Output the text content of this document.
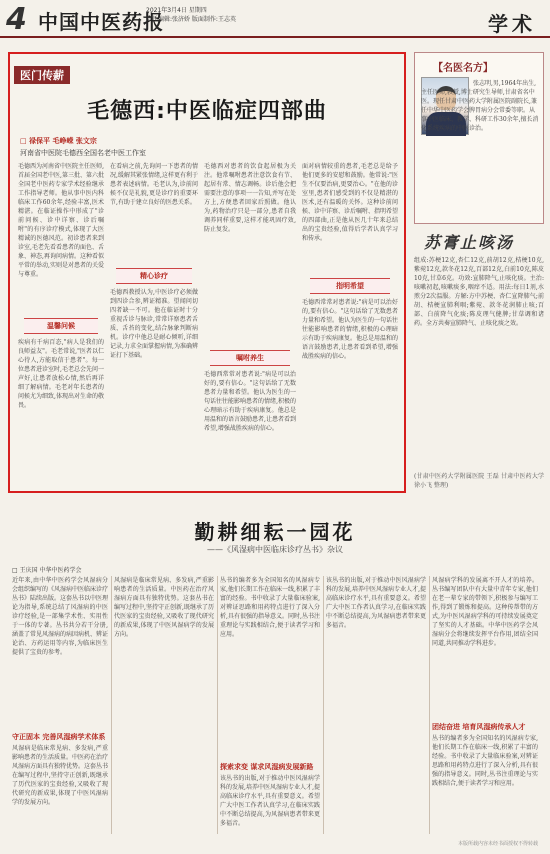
4 中国中医药报
2021年3月4日 星期四
责任编辑:张济娇 版面制作:王志英	学术
医门传薪
毛德西:中医临症四部曲
□ 禄保平 毛峥嵘 张文宗
河南省中医院毛德西全国名老中医工作室
毛德西为河南省中医院主任医师,首届全国老中医,第三批、第六批全国老中医药专家学术经验继承工作指导老师。他从事中医内科临床工作60余年,经验丰富,医术精湛。在临证操作中形成了"诊前问候、诊中详察、诊后嘱咐"的有序诊疗模式,体现了大医精诚的医德风范。初诊患者来到诊室,毛老先看看患者的面色、舌象、神态,再询问病情。这种看似平常的举动,实则是对患者的关爱与尊重。
温馨问候
疾病有千病百态,"病人是我们的良师益友"。毛老常说,"医者以仁心待人,方能取信于患者"。每一位患者进诊室时,毛老总会先问一声好,让患者放松心情,然后再详细了解病情。毛老对年长患者的问候尤为细致,体现出对生命的敬畏。
在看病之前,先询问一下患者的情况,缓解其紧张情绪,这样更有利于患者表述病情。毛老认为,诊前问候不仅是礼貌,更是诊疗的重要环节,有助于建立良好的医患关系。
精心诊疗
毛德西教授认为,中医诊疗必须做到四诊合参,辨证精准。望闻问切四者缺一不可。他在临证时十分重视舌诊与脉诊,常常详察患者舌质、舌苔的变化,结合脉象判断病机。诊疗中他总是耐心倾听,详细记录,力求全面掌握病情,为准确辨证打下基础。
毛德西对患者的饮食起居极为关注。他常嘱咐患者注意饮食有节、起居有常、情志调畅。诊后他会把需要注意的事项一一告知,并写在处方上,方便患者回家后照做。他认为,药物治疗只是一部分,患者自我调养同样重要,这样才能巩固疗效,防止复发。
嘱咐养生
毛德西常常对患者说:"病是可以治好的,要有信心。"这句话给了无数患者力量和希望。他认为医生的一句话往往能影响患者的情绪,积极的心理暗示有助于疾病康复。他总是用温和的语言鼓励患者,让患者看到希望,增强战胜疾病的信心。
面对病情较重的患者,毛老总是给予他们更多的安慰和鼓励。他常说:"医生不仅要治病,更要治心。"在他的诊室里,患者们感受到的不仅是精湛的医术,还有温暖的关怀。这种诊前问候、诊中详察、诊后嘱咐、指明希望的四部曲,正是他从医几十年来总结出的宝贵经验,值得后学者认真学习和传承。
指明希望
毛德西常常对患者说:"病是可以治好的,要有信心。"这句话给了无数患者力量和希望。他认为医生的一句话往往能影响患者的情绪,积极的心理暗示有助于疾病康复。他总是用温和的语言鼓励患者,让患者看到希望,增强战胜疾病的信心。
【名医名方】
张志明,男,1964年出生,主任医师,教授,博士研究生导师,甘肃省名中医。现任甘肃中医药大学附属医院副院长,兼任中华中医药学会脾胃病分会常委等职。从事中医临床、教学、科研工作30余年,擅长消化系统疾病的中医诊治。
苏膏止咳汤
组成:苏梗12克,杏仁12克,前胡12克,桔梗10克,紫菀12克,款冬花12克,百部12克,白前10克,陈皮10克,甘草6克。功效:宣肺降气,止咳化痰。主治:咳嗽初起,咳嗽痰多,咽痒不适。用法:每日1剂,水煎分2次温服。方解:方中苏梗、杏仁宣降肺气;前胡、桔梗宣肺利咽;紫菀、款冬花润肺止咳;百部、白前降气化痰;陈皮理气健脾;甘草调和诸药。全方共奏宣肺降气、止咳化痰之效。
(甘肃中医药大学附属医院 王磊 甘肃中医药大学 徐小飞 整理)
勤耕细耘一园花
——《风湿病中医临床诊疗丛书》杂议
□ 王庆国 中华中医药学会
近年来,由中华中医药学会风湿病分会组织编写的《风湿病中医临床诊疗丛书》陆续出版。这套丛书以中医理论为指导,系统总结了风湿病的中医诊疗经验,是一部集学术性、实用性于一体的专著。丛书共分若干分册,涵盖了常见风湿病的病因病机、辨证论治、方药运用等内容,为临床医生提供了宝贵的参考。
守正固本 完善风湿病学术体系
风湿病是临床常见病、多发病,严重影响患者的生活质量。中医药在治疗风湿病方面具有独特优势。这套丛书在编写过程中,坚持守正创新,既继承了历代医家的宝贵经验,又吸收了现代研究的新成果,体现了中医风湿病学的发展方向。
风湿病是临床常见病、多发病,严重影响患者的生活质量。中医药在治疗风湿病方面具有独特优势。这套丛书在编写过程中,坚持守正创新,既继承了历代医家的宝贵经验,又吸收了现代研究的新成果,体现了中医风湿病学的发展方向。
丛书的编者多为全国知名的风湿病专家,他们长期工作在临床一线,积累了丰富的经验。书中收录了大量临床验案,对辨证思路和用药特点进行了深入分析,具有很强的指导意义。同时,丛书注重理论与实践相结合,便于读者学习和应用。
探索求变 谋求风湿病发展新路
该丛书的出版,对于推动中医风湿病学科的发展,培养中医风湿病专业人才,提高临床诊疗水平,具有重要意义。希望广大中医工作者认真学习,在临床实践中不断总结提高,为风湿病患者带来更多福音。
该丛书的出版,对于推动中医风湿病学科的发展,培养中医风湿病专业人才,提高临床诊疗水平,具有重要意义。希望广大中医工作者认真学习,在临床实践中不断总结提高,为风湿病患者带来更多福音。
风湿病学科的发展离不开人才的培养。丛书编写团队中有大量中青年专家,他们在老一辈专家的带领下,积极参与编写工作,得到了锻炼和提高。这种传帮带的方式,为中医风湿病学科的可持续发展奠定了坚实的人才基础。中华中医药学会风湿病分会将继续发挥平台作用,团结全国同道,共同推动学科进步。
团结奋进 培育风湿病传承人才
丛书的编者多为全国知名的风湿病专家,他们长期工作在临床一线,积累了丰富的经验。书中收录了大量临床验案,对辨证思路和用药特点进行了深入分析,具有很强的指导意义。同时,丛书注重理论与实践相结合,便于读者学习和应用。
本版所载内容未经书面授权不得转载
